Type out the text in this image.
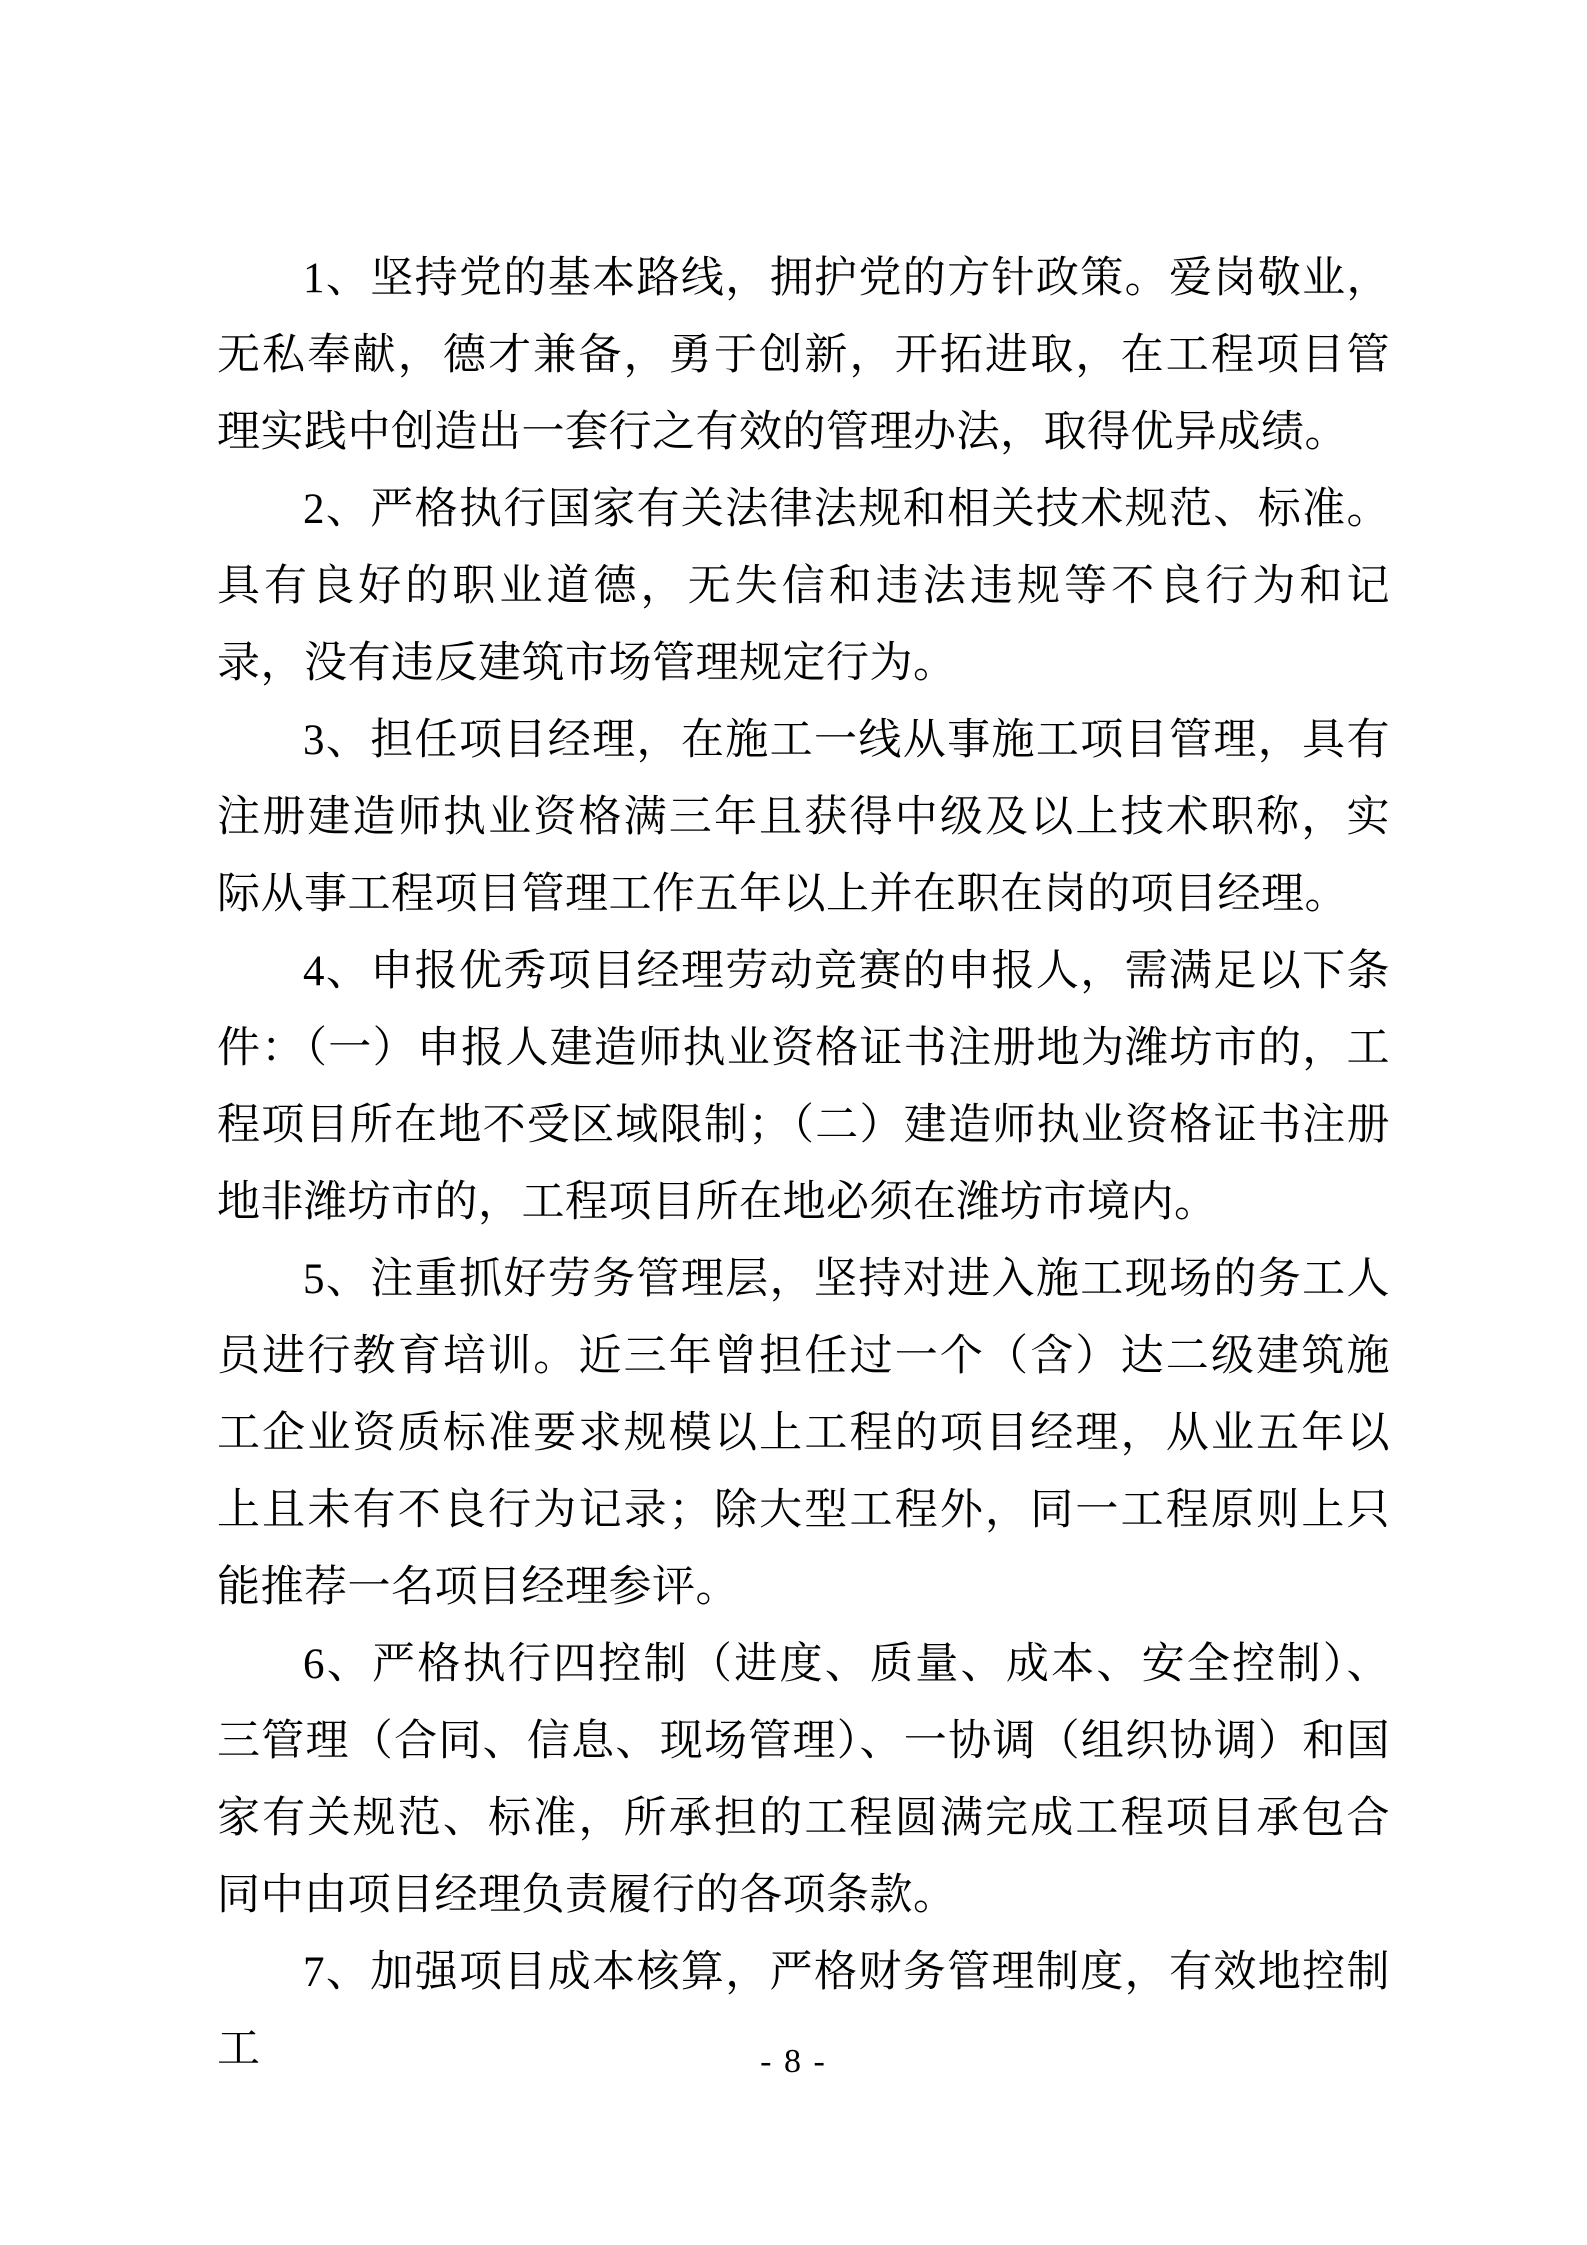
1、坚持党的基本路线，拥护党的方针政策。爱岗敬业，无私奉献，德才兼备，勇于创新，开拓进取，在工程项目管理实践中创造出一套行之有效的管理办法，取得优异成绩。

2、严格执行国家有关法律法规和相关技术规范、标准。具有良好的职业道德，无失信和违法违规等不良行为和记录，没有违反建筑市场管理规定行为。

3、担任项目经理，在施工一线从事施工项目管理，具有注册建造师执业资格满三年且获得中级及以上技术职称，实际从事工程项目管理工作五年以上并在职在岗的项目经理。

4、申报优秀项目经理劳动竞赛的申报人，需满足以下条件：（一）申报人建造师执业资格证书注册地为潍坊市的，工程项目所在地不受区域限制；（二）建造师执业资格证书注册地非潍坊市的，工程项目所在地必须在潍坊市境内。

5、注重抓好劳务管理层，坚持对进入施工现场的务工人员进行教育培训。近三年曾担任过一个（含）达二级建筑施工企业资质标准要求规模以上工程的项目经理，从业五年以上且未有不良行为记录；除大型工程外，同一工程原则上只能推荐一名项目经理参评。

6、严格执行四控制（进度、质量、成本、安全控制）、三管理（合同、信息、现场管理）、一协调（组织协调）和国家有关规范、标准，所承担的工程圆满完成工程项目承包合同中由项目经理负责履行的各项条款。

7、加强项目成本核算，严格财务管理制度，有效地控制工	- 8 -
